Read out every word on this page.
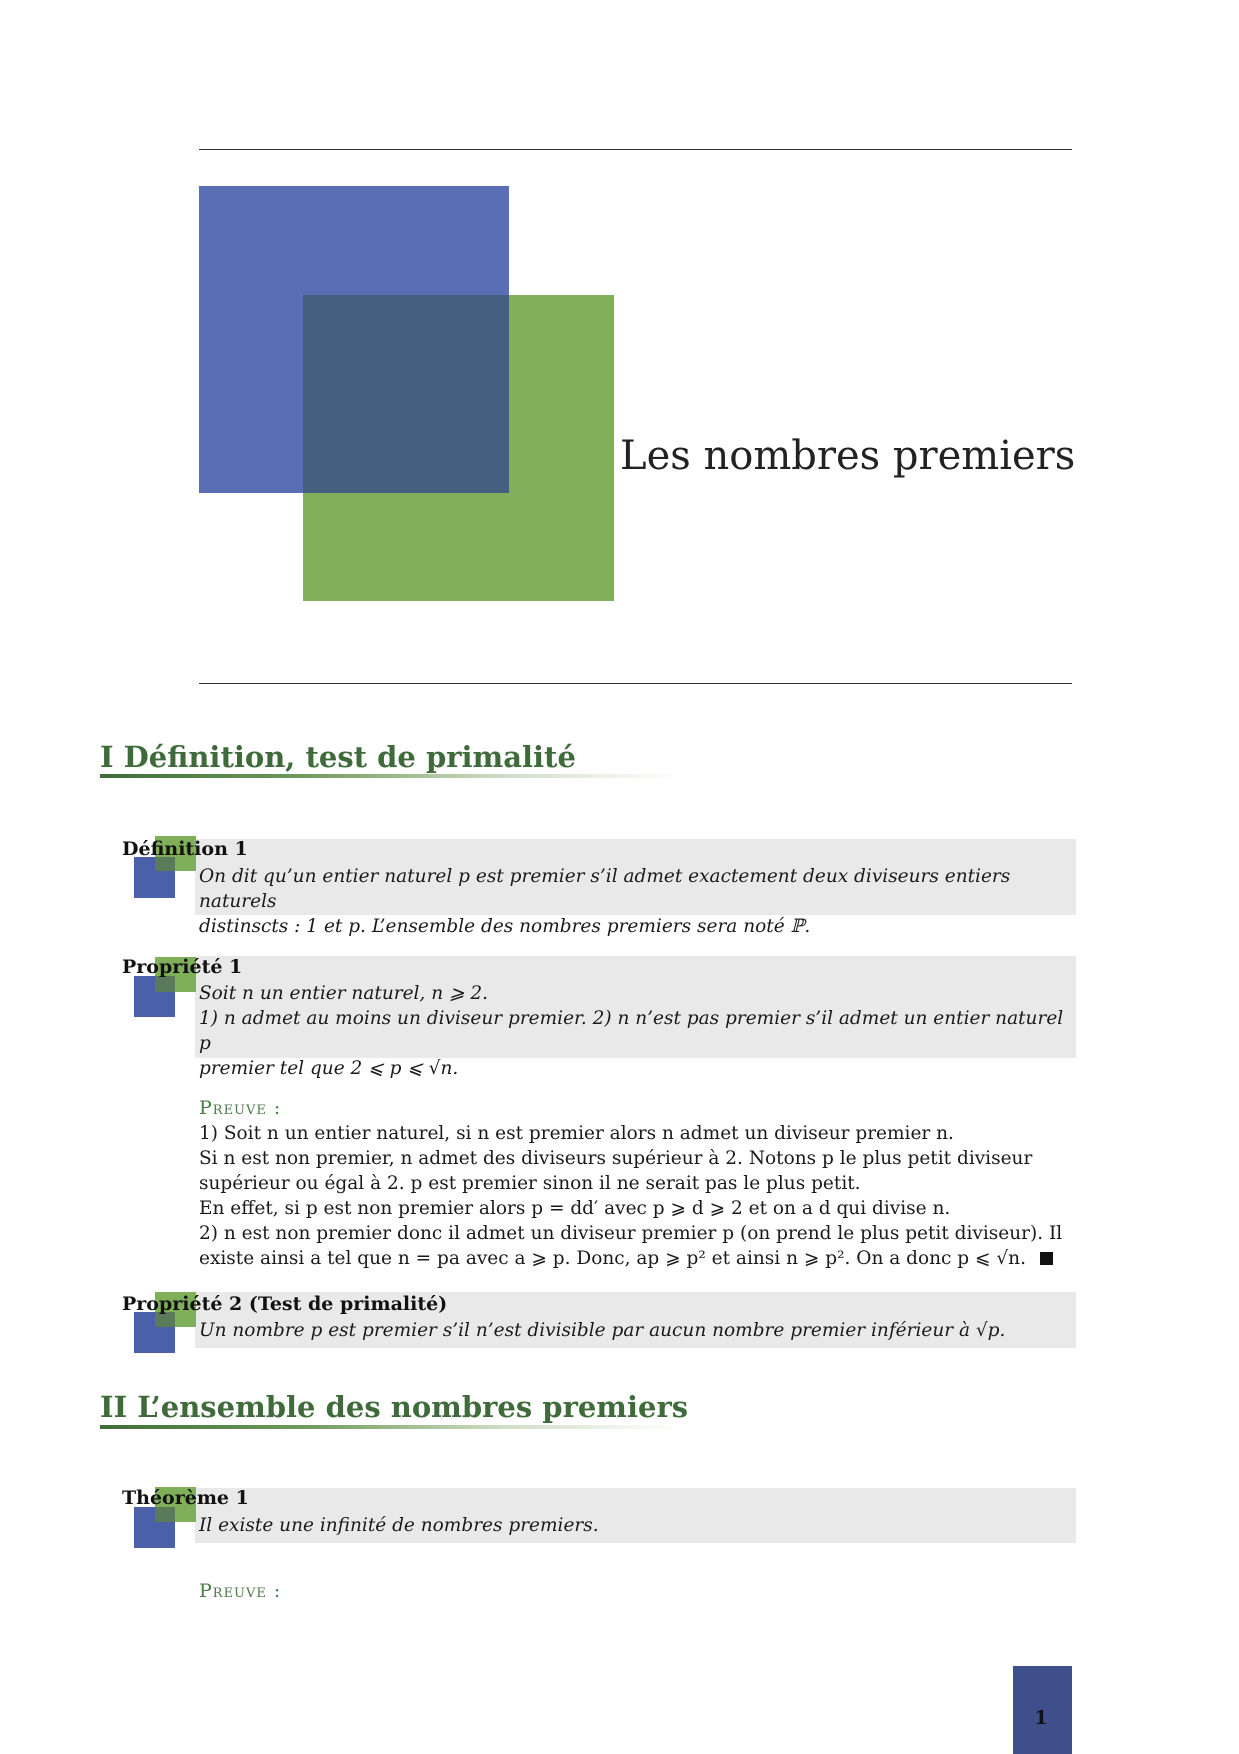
Les nombres premiers
I Définition, test de primalité
Définition 1

On dit qu’un entier naturel p est premier s’il admet exactement deux diviseurs entiers naturels

distinscts : 1 et p. L’ensemble des nombres premiers sera noté ℙ.

Propriété 1

Soit n un entier naturel, n ⩾ 2.

1) n admet au moins un diviseur premier. 2) n n’est pas premier s’il admet un entier naturel p

premier tel que 2 ⩽ p ⩽ √n.

Preuve :

1) Soit n un entier naturel, si n est premier alors n admet un diviseur premier n.

Si n est non premier, n admet des diviseurs supérieur à 2. Notons p le plus petit diviseur

supérieur ou égal à 2. p est premier sinon il ne serait pas le plus petit.

En effet, si p est non premier alors p = dd′ avec p ⩾ d ⩾ 2 et on a d qui divise n.

2) n est non premier donc il admet un diviseur premier p (on prend le plus petit diviseur). Il

existe ainsi a tel que n = pa avec a ⩾ p. Donc, ap ⩾ p² et ainsi n ⩾ p². On a donc p ⩽ √n.

Propriété 2 (Test de primalité)

Un nombre p est premier s’il n’est divisible par aucun nombre premier inférieur à √p.

II L’ensemble des nombres premiers
Théorème 1

Il existe une infinité de nombres premiers.

Preuve :
1
